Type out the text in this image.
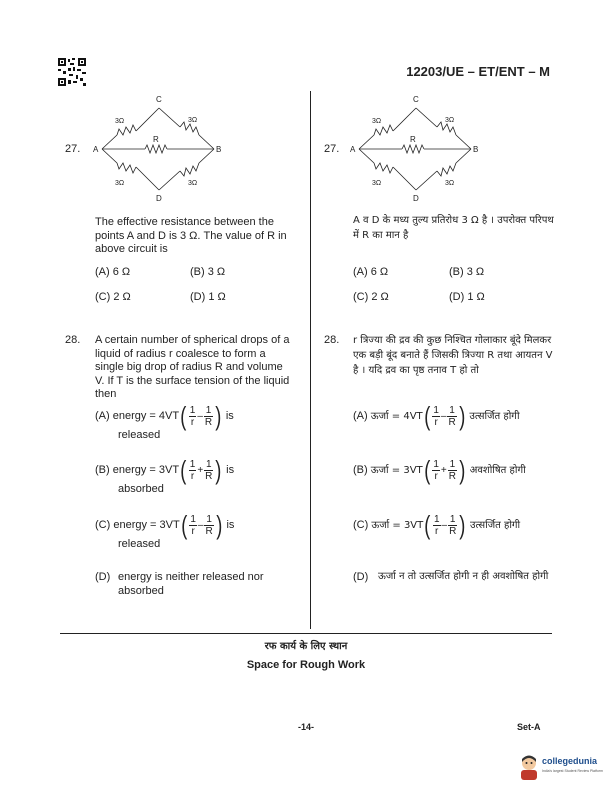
12203/UE – ET/ENT – M
27.
C
A	B
D
R
3Ω	3Ω
3Ω	3Ω
The effective resistance between the points A and D is 3 Ω. The value of R in above circuit is
(A) 6 Ω	(B) 3 Ω
(C) 2 Ω	(D) 1 Ω
27.
C
A	B
D
R
3Ω	3Ω
3Ω	3Ω
A व D के मध्य तुल्य प्रतिरोध 3 Ω है । उपरोक्त परिपथ में R का मान है
(A) 6 Ω	(B) 3 Ω
(C) 2 Ω	(D) 1 Ω
28. A certain number of spherical drops of a liquid of radius r coalesce to form a single big drop of radius R and volume V. If T is the surface tension of the liquid then
(A)
energy = 4VT ( $\frac{1}{r} - \frac{1}{R}$ )
is
released
(B)
energy = 3VT ( $\frac{1}{r} + \frac{1}{R}$ )
is
absorbed
(C)
energy = 3VT ( $\frac{1}{r} - \frac{1}{R}$ )
is
released
(D) energy is neither released nor absorbed
28. r त्रिज्या की द्रव की कुछ निश्चित गोलाकार बूंदे मिलकर एक बड़ी बूंद बनाते हैं जिसकी त्रिज्या R तथा आयतन V है । यदि द्रव का पृष्ठ तनाव T हो तो
(A)
ऊर्जा = 4VT ( $\frac{1}{r} - \frac{1}{R}$ )
उत्सर्जित होगी
(B)
ऊर्जा = 3VT ( $\frac{1}{r} + \frac{1}{R}$ )
अवशोषित होगी
(C)
ऊर्जा = 3VT ( $\frac{1}{r} - \frac{1}{R}$ )
उत्सर्जित होगी
(D) ऊर्जा न तो उत्सर्जित होगी न ही अवशोषित होगी
रफ कार्य के लिए स्थान
Space for Rough Work
-14-	Set-A
collegedunia
India's largest Student Review Platform
